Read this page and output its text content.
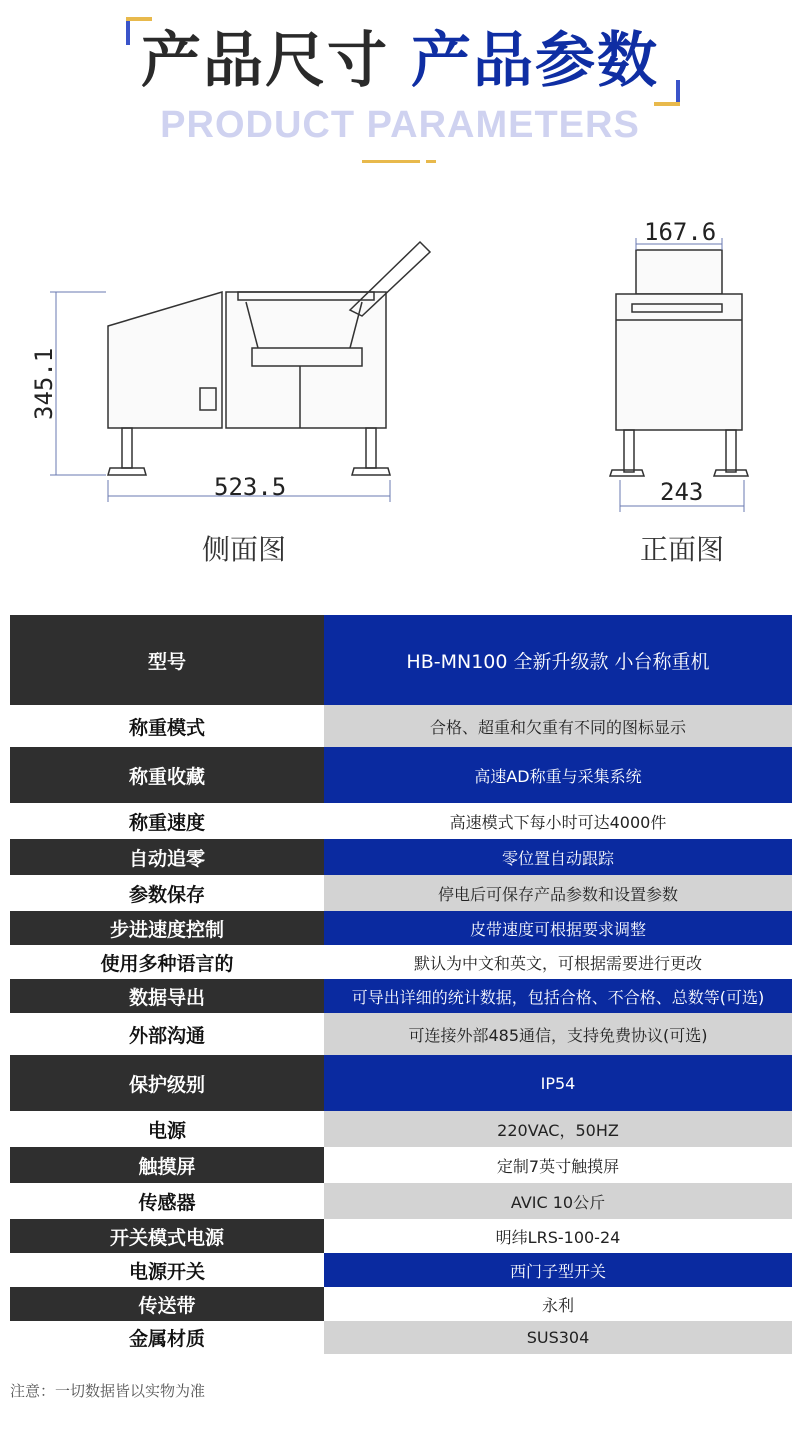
产品尺寸 产品参数
PRODUCT PARAMETERS
345.1
523.5
167.6
243
侧面图	正面图
型号	HB-MN100 全新升级款 小台称重机
称重模式	合格、超重和欠重有不同的图标显示
称重收藏	高速AD称重与采集系统
称重速度	高速模式下每小时可达4000件
自动追零	零位置自动跟踪
参数保存	停电后可保存产品参数和设置参数
步进速度控制	皮带速度可根据要求调整
使用多种语言的	默认为中文和英文，可根据需要进行更改
数据导出	可导出详细的统计数据，包括合格、不合格、总数等(可选)
外部沟通	可连接外部485通信，支持免费协议(可选)
保护级别	IP54
电源	220VAC，50HZ
触摸屏	定制7英寸触摸屏
传感器	AVIC 10公斤
开关模式电源	明纬LRS-100-24
电源开关	西门子型开关
传送带	永利
金属材质	SUS304
注意：一切数据皆以实物为准
